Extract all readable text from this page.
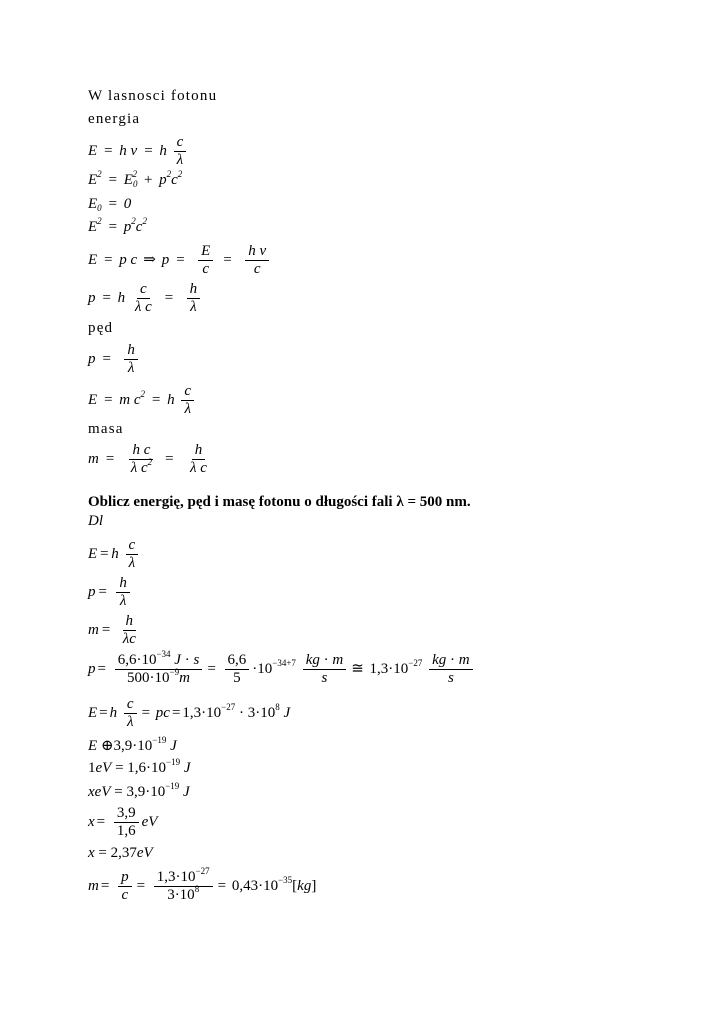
W lasnosci fotonu
energia
E = h v = h $\frac{c}{\lambda}$
$E^2 = E_0^2 + p^2c^2$
$E_0 = 0$
$E^2 = p^2c^2$
E = p c ⇒ $p = \frac{E}{c} = \frac{\text{h v}}{c}$
p = h $\frac{c}{\text{λ c}} = \frac{h}{\lambda}$
pęd
$p = \frac{h}{\lambda}$
E = m $c^2 = h \frac{c}{\lambda}$
masa
$m = \frac{\text{h c}}{\lambda c^2} = \frac{h}{\text{λ c}}$
Oblicz energię, pęd i masę fotonu o długości fali λ = 500 nm.
Dl
E = h $\frac{c}{\lambda}$
$p = \frac{h}{\lambda}$
$m = \frac{h}{\lambda c}$
$p = \frac{6,6\cdot 10^{-34} J \cdot s}{500\cdot 10^{-9}m} = \frac{6,6}{5} \cdot 10^{-34+7} \frac{kg \cdot m}{s}$ ≅ $1,3\cdot 10^{-27} \frac{kg \cdot m}{s}$
E = h $\frac{c}{\lambda}$ = pc = $1,3\cdot 10^{-27} \cdot 3\cdot 10^8$ J
E $\oplus 3,9\cdot 10^{-19}$ J
$1eV = 1,6\cdot 10^{-19}$ J
xeV = $3,9\cdot 10^{-19}$ J
$x = \frac{3,9}{1,6}$ eV
x = 2,37eV
$m = \frac{p}{c} = \frac{1,3\cdot 10^{-27}}{3\cdot 10^8} = 0,43\cdot 10^{-35}[kg]$
